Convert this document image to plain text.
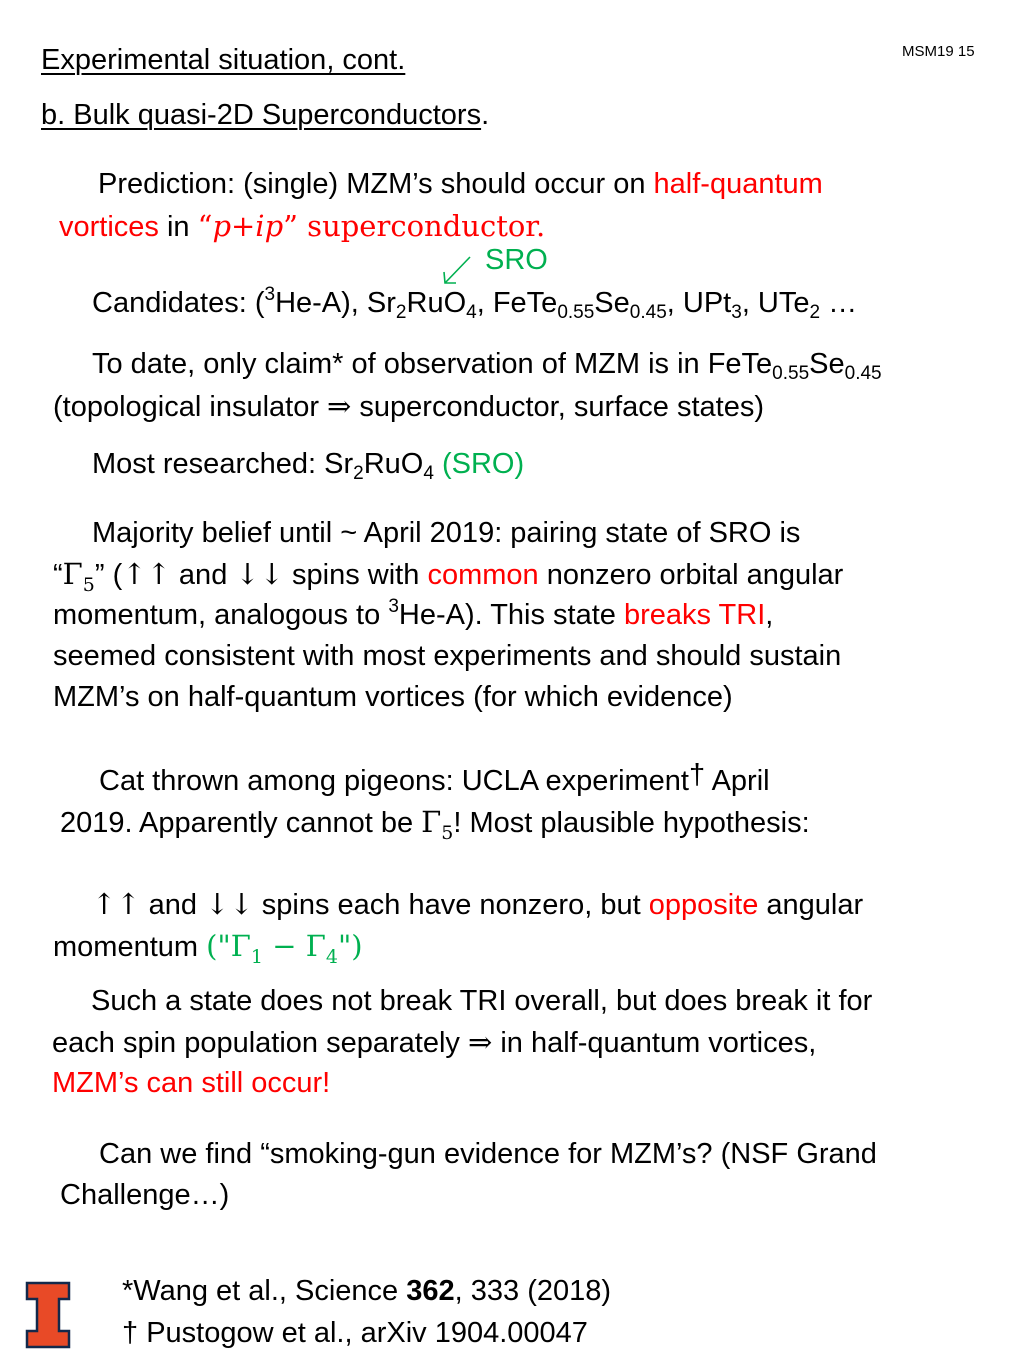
Experimental situation, cont.	MSM19 15
b. Bulk quasi-2D Superconductors.
Prediction: (single) MZM’s should occur on half-quantum
vortices in “p+ip” superconductor.
SRO
Candidates: ($^3$He-A), $Sr_2RuO_4$, $FeTe_{0.55}Se_{0.45}$, UPt$_3$, UTe$_2$ …
To date, only claim* of observation of MZM is in $FeTe_{0.55}Se_{0.45}$
(topological insulator ⇒ superconductor, surface states)
Most researched: $Sr_2RuO_4$ (SRO)
Majority belief until ~ April 2019: pairing state of SRO is
“$\Gamma_5$” (↑↑ and ↓↓ spins with common nonzero orbital angular
momentum, analogous to $^3$He-A). This state breaks TRI,
seemed consistent with most experiments and should sustain
MZM’s on half-quantum vortices (for which evidence)
Cat thrown among pigeons: UCLA experiment† April
2019. Apparently cannot be $\Gamma_5$! Most plausible hypothesis:
↑↑ and ↓↓ spins each have nonzero, but opposite angular
momentum ("$\Gamma_1$ − $\Gamma_4$")
Such a state does not break TRI overall, but does break it for
each spin population separately ⇒ in half-quantum vortices,
MZM’s can still occur!
Can we find “smoking-gun evidence for MZM’s? (NSF Grand
Challenge…)
*Wang et al., Science 362, 333 (2018)
† Pustogow et al., arXiv 1904.00047
